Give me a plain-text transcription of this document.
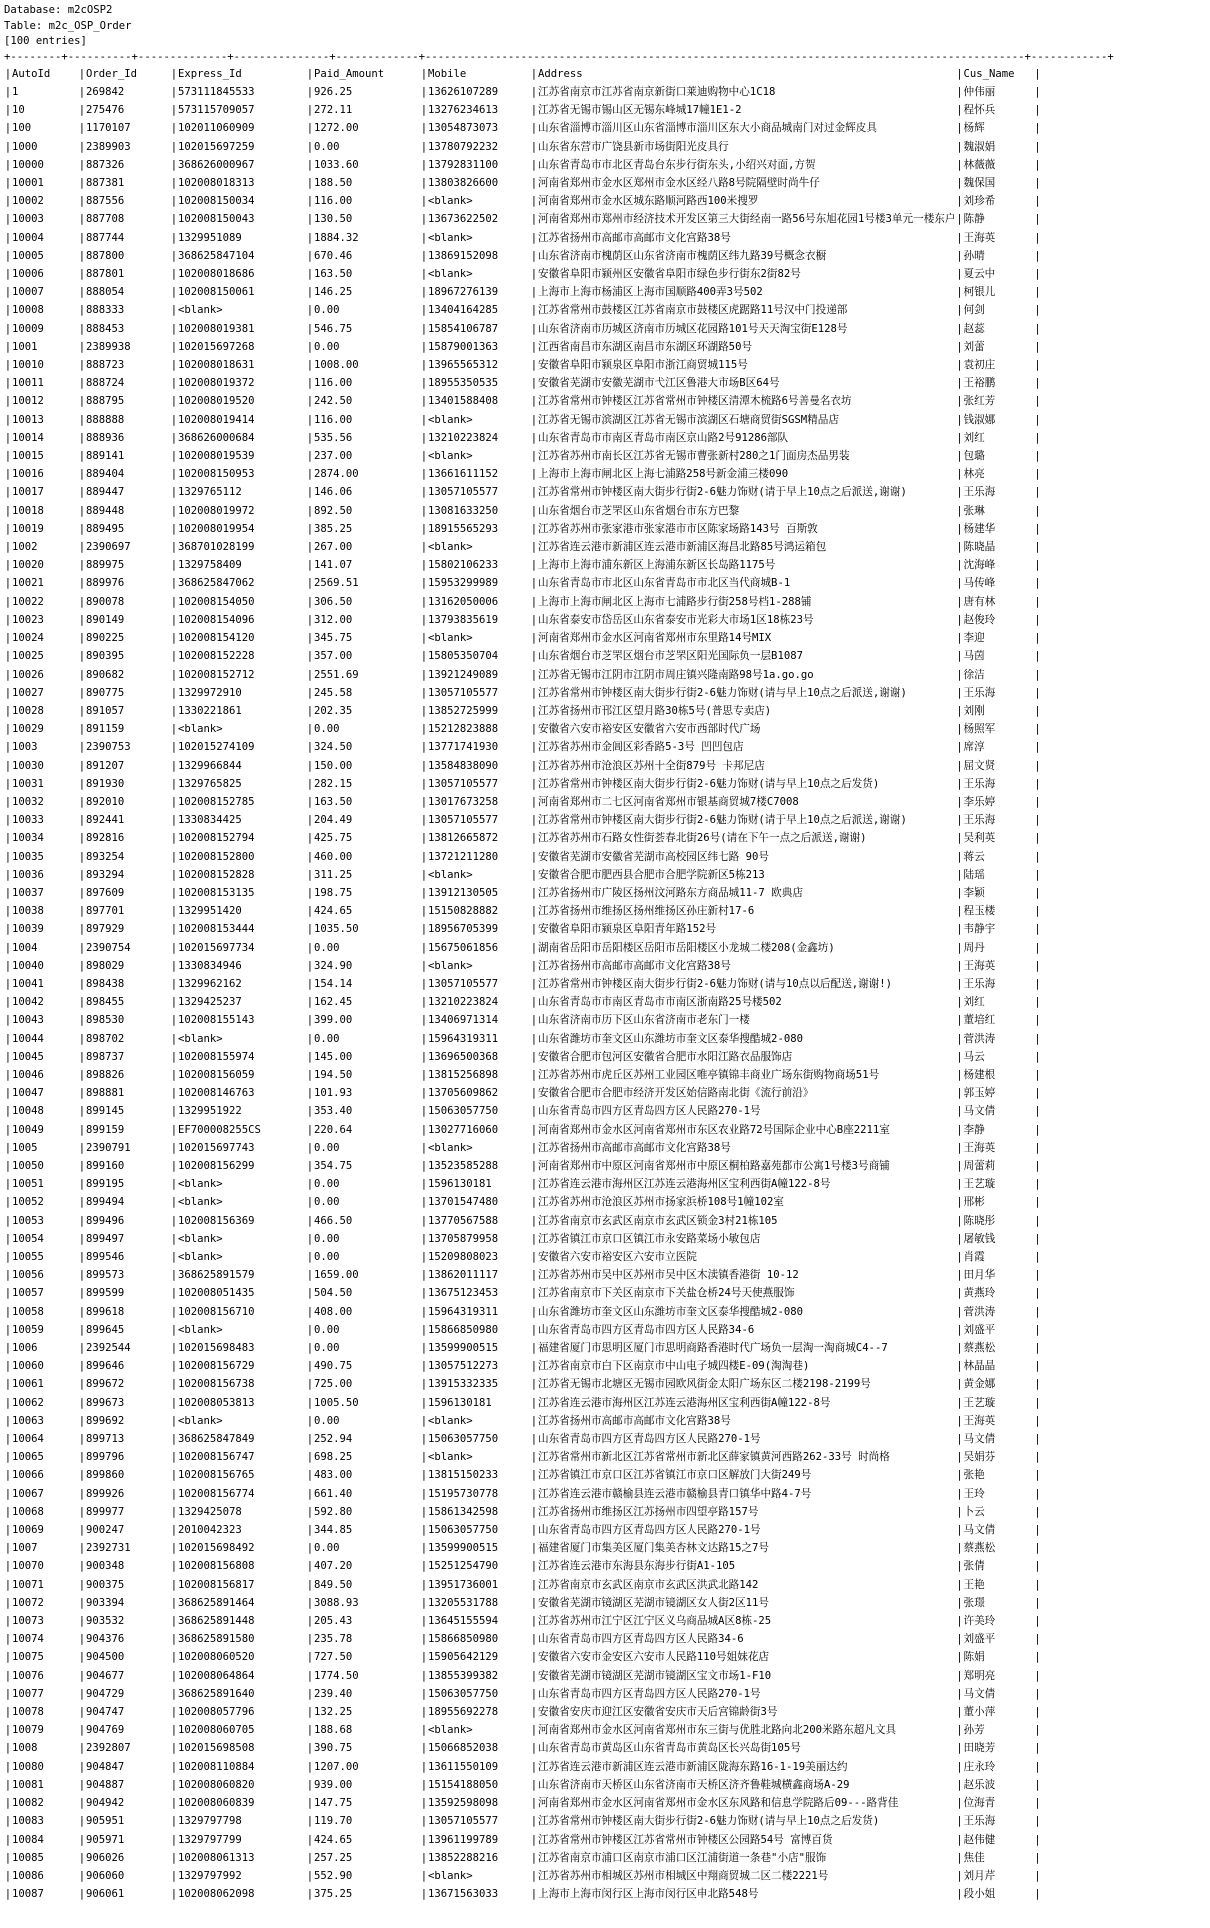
Database: m2cOSP2
Table: m2c_OSP_Order
[100 entries]
+--------+----------+--------------+---------------+-------------+----------------------------------------------------------------------------------------------+------------+
|	AutoId	|	Order_Id	|	Express_Id	|	Paid_Amount	|	Mobile	|	Address	|	Cus_Name	|
|	1	|	269842	|	573111845533	|	926.25	|	13626107289	|	江苏省南京市江苏省南京新街口莱迪购物中心1C18	|	仲伟丽	|
|	10	|	275476	|	573115709057	|	272.11	|	13276234613	|	江苏省无锡市锡山区无锡东峰城17幢1E1-2	|	程怀兵	|
|	100	|	1170107	|	102011060909	|	1272.00	|	13054873073	|	山东省淄博市淄川区山东省淄博市淄川区东大小商品城南门对过金辉皮具	|	杨辉	|
|	1000	|	2389903	|	102015697259	|	0.00	|	13780792232	|	山东省东营市广饶县新市场街阳光皮具行	|	魏淑娟	|
|	10000	|	887326	|	368626000967	|	1033.60	|	13792831100	|	山东省青岛市市北区青岛台东步行街东头,小绍兴对面,方贺	|	林薇薇	|
|	10001	|	887381	|	102008018313	|	188.50	|	13803826600	|	河南省郑州市金水区郑州市金水区经八路8号院隔壁时尚牛仔	|	魏保国	|
|	10002	|	887556	|	102008150034	|	116.00	|	<blank>	|	河南省郑州市金水区城东路顺河路西100米搜罗	|	刘珍希	|
|	10003	|	887708	|	102008150043	|	130.50	|	13673622502	|	河南省郑州市郑州市经济技术开发区第三大街经南一路56号东旭花园1号楼3单元一楼东户	|	陈静	|
|	10004	|	887744	|	1329951089	|	1884.32	|	<blank>	|	江苏省扬州市高邮市高邮市文化宫路38号	|	王海英	|
|	10005	|	887800	|	368625847104	|	670.46	|	13869152098	|	山东省济南市槐荫区山东省济南市槐荫区纬九路39号概念衣橱	|	孙晴	|
|	10006	|	887801	|	102008018686	|	163.50	|	<blank>	|	安徽省阜阳市颍州区安徽省阜阳市绿色步行街东2街82号	|	夏云中	|
|	10007	|	888054	|	102008150061	|	146.25	|	18967276139	|	上海市上海市杨浦区上海市国顺路400弄3号502	|	柯银儿	|
|	10008	|	888333	|	<blank>	|	0.00	|	13404164285	|	江苏省常州市鼓楼区江苏省南京市鼓楼区虎踞路11号汉中门投递部	|	何剑	|
|	10009	|	888453	|	102008019381	|	546.75	|	15854106787	|	山东省济南市历城区济南市历城区花园路101号天天淘宝街E128号	|	赵蕊	|
|	1001	|	2389938	|	102015697268	|	0.00	|	15879001363	|	江西省南昌市东湖区南昌市东湖区环湖路50号	|	刘蕾	|
|	10010	|	888723	|	102008018631	|	1008.00	|	13965565312	|	安徽省阜阳市颍泉区阜阳市浙江商贸城115号	|	袁初庄	|
|	10011	|	888724	|	102008019372	|	116.00	|	18955350535	|	安徽省芜湖市安徽芜湖市弋江区鲁港大市场B区64号	|	王裕鹏	|
|	10012	|	888795	|	102008019520	|	242.50	|	13401588408	|	江苏省常州市钟楼区江苏省常州市钟楼区清潭木梳路6号善曼名衣坊	|	张红芳	|
|	10013	|	888888	|	102008019414	|	116.00	|	<blank>	|	江苏省无锡市滨湖区江苏省无锡市滨湖区石塘商贸街SGSM精品店	|	钱淑娜	|
|	10014	|	888936	|	368626000684	|	535.56	|	13210223824	|	山东省青岛市市南区青岛市南区京山路2号91286部队	|	刘红	|
|	10015	|	889141	|	102008019539	|	237.00	|	<blank>	|	江苏省苏州市南长区江苏省无锡市曹张新村280之1门面房杰品男装	|	包璐	|
|	10016	|	889404	|	102008150953	|	2874.00	|	13661611152	|	上海市上海市闸北区上海七浦路258号新金浦三楼090	|	林亮	|
|	10017	|	889447	|	1329765112	|	146.06	|	13057105577	|	江苏省常州市钟楼区南大街步行街2-6魅力饰财(请于早上10点之后派送,谢谢)	|	王乐海	|
|	10018	|	889448	|	102008019972	|	892.50	|	13081633250	|	山东省烟台市芝罘区山东省烟台市东方巴黎	|	张琳	|
|	10019	|	889495	|	102008019954	|	385.25	|	18915565293	|	江苏省苏州市张家港市张家港市市区陈家场路143号 百斯敦	|	杨建华	|
|	1002	|	2390697	|	368701028199	|	267.00	|	<blank>	|	江苏省连云港市新浦区连云港市新浦区海昌北路85号鸿运箱包	|	陈晓晶	|
|	10020	|	889975	|	1329758409	|	141.07	|	15802106233	|	上海市上海市浦东新区上海浦东新区长岛路1175号	|	沈海峰	|
|	10021	|	889976	|	368625847062	|	2569.51	|	15953299989	|	山东省青岛市市北区山东省青岛市市北区当代商城B-1	|	马传峰	|
|	10022	|	890078	|	102008154050	|	306.50	|	13162050006	|	上海市上海市闸北区上海市七浦路步行街258号档1-288铺	|	唐有林	|
|	10023	|	890149	|	102008154096	|	312.00	|	13793835619	|	山东省泰安市岱岳区山东省泰安市光彩大市场1区18栋23号	|	赵俊玲	|
|	10024	|	890225	|	102008154120	|	345.75	|	<blank>	|	河南省郑州市金水区河南省郑州市东里路14号MIX	|	李迎	|
|	10025	|	890395	|	102008152228	|	357.00	|	15805350704	|	山东省烟台市芝罘区烟台市芝罘区阳光国际负一层B1087	|	马茵	|
|	10026	|	890682	|	102008152712	|	2551.69	|	13921249089	|	江苏省无锡市江阴市江阴市周庄镇兴隆南路98号1a.go.go	|	徐洁	|
|	10027	|	890775	|	1329972910	|	245.58	|	13057105577	|	江苏省常州市钟楼区南大街步行街2-6魅力饰财(请与早上10点之后派送,谢谢)	|	王乐海	|
|	10028	|	891057	|	1330221861	|	202.35	|	13852725999	|	江苏省扬州市邗江区望月路30栋5号(普思专卖店)	|	刘刚	|
|	10029	|	891159	|	<blank>	|	0.00	|	15212823888	|	安徽省六安市裕安区安徽省六安市西部时代广场	|	杨照军	|
|	1003	|	2390753	|	102015274109	|	324.50	|	13771741930	|	江苏省苏州市金阊区彩香路5-3号 凹凹包店	|	席淳	|
|	10030	|	891207	|	1329966844	|	150.00	|	13584838090	|	江苏省苏州市沧浪区苏州十全街879号 卡邦尼店	|	屈文贤	|
|	10031	|	891930	|	1329765825	|	282.15	|	13057105577	|	江苏省常州市钟楼区南大街步行街2-6魅力饰财(请与早上10点之后发货)	|	王乐海	|
|	10032	|	892010	|	102008152785	|	163.50	|	13017673258	|	河南省郑州市二七区河南省郑州市银基商贸城7楼C7008	|	李乐婷	|
|	10033	|	892441	|	1330834425	|	204.49	|	13057105577	|	江苏省常州市钟楼区南大街步行街2-6魅力饰财(请于早上10点之后派送,谢谢)	|	王乐海	|
|	10034	|	892816	|	102008152794	|	425.75	|	13812665872	|	江苏省苏州市石路女性街荟春北街26号(请在下午一点之后派送,谢谢)	|	吴利英	|
|	10035	|	893254	|	102008152800	|	460.00	|	13721211280	|	安徽省芜湖市安徽省芜湖市高校园区纬七路 90号	|	蒋云	|
|	10036	|	893294	|	102008152828	|	311.25	|	<blank>	|	安徽省合肥市肥西县合肥市合肥学院新区5栋213	|	陆瑶	|
|	10037	|	897609	|	102008153135	|	198.75	|	13912130505	|	江苏省扬州市广陵区扬州汶河路东方商品城11-7 欧典店	|	李颖	|
|	10038	|	897701	|	1329951420	|	424.65	|	15150828882	|	江苏省扬州市维扬区扬州维扬区孙庄新村17-6	|	程玉楼	|
|	10039	|	897929	|	102008153444	|	1035.50	|	18956705399	|	安徽省阜阳市颍泉区阜阳青年路152号	|	韦静宇	|
|	1004	|	2390754	|	102015697734	|	0.00	|	15675061856	|	湖南省岳阳市岳阳楼区岳阳市岳阳楼区小龙城二楼208(金鑫坊)	|	周丹	|
|	10040	|	898029	|	1330834946	|	324.90	|	<blank>	|	江苏省扬州市高邮市高邮市文化宫路38号	|	王海英	|
|	10041	|	898438	|	1329962162	|	154.14	|	13057105577	|	江苏省常州市钟楼区南大街步行街2-6魅力饰财(请与10点以后配送,谢谢!)	|	王乐海	|
|	10042	|	898455	|	1329425237	|	162.45	|	13210223824	|	山东省青岛市市南区青岛市市南区浙南路25号楼502	|	刘红	|
|	10043	|	898530	|	102008155143	|	399.00	|	13406971314	|	山东省济南市历下区山东省济南市老东门一楼	|	董培红	|
|	10044	|	898702	|	<blank>	|	0.00	|	15964319311	|	山东省潍坊市奎文区山东潍坊市奎文区泰华搜酷城2-080	|	菅洪涛	|
|	10045	|	898737	|	102008155974	|	145.00	|	13696500368	|	安徽省合肥市包河区安徽省合肥市水阳江路衣品服饰店	|	马云	|
|	10046	|	898826	|	102008156059	|	194.50	|	13815256898	|	江苏省苏州市虎丘区苏州工业园区唯亭镇锦丰商业广场东街购物商场51号	|	杨建根	|
|	10047	|	898881	|	102008146763	|	101.93	|	13705609862	|	安徽省合肥市合肥市经济开发区始信路南北街《流行前沿》	|	郭玉婷	|
|	10048	|	899145	|	1329951922	|	353.40	|	15063057750	|	山东省青岛市四方区青岛四方区人民路270-1号	|	马文倩	|
|	10049	|	899159	|	EF700008255CS	|	220.64	|	13027716060	|	河南省郑州市金水区河南省郑州市东区农业路72号国际企业中心B座2211室	|	李静	|
|	1005	|	2390791	|	102015697743	|	0.00	|	<blank>	|	江苏省扬州市高邮市高邮市文化宫路38号	|	王海英	|
|	10050	|	899160	|	102008156299	|	354.75	|	13523585288	|	河南省郑州市中原区河南省郑州市中原区桐柏路嘉苑都市公寓1号楼3号商铺	|	周蕾莉	|
|	10051	|	899195	|	<blank>	|	0.00	|	1596130181	|	江苏省连云港市海州区江苏连云港海州区宝利西街A幢122-8号	|	王艺璇	|
|	10052	|	899494	|	<blank>	|	0.00	|	13701547480	|	江苏省苏州市沧浪区苏州市扬家浜桥108号1幢102室	|	邢彬	|
|	10053	|	899496	|	102008156369	|	466.50	|	13770567588	|	江苏省南京市玄武区南京市玄武区锁金3村21栋105	|	陈晓彤	|
|	10054	|	899497	|	<blank>	|	0.00	|	13705879958	|	江苏省镇江市京口区镇江市永安路菜场小敏包店	|	屠敏钱	|
|	10055	|	899546	|	<blank>	|	0.00	|	15209808023	|	安徽省六安市裕安区六安市立医院	|	肖霞	|
|	10056	|	899573	|	368625891579	|	1659.00	|	13862011117	|	江苏省苏州市吴中区苏州市吴中区木渎镇香港街 10-12	|	田月华	|
|	10057	|	899599	|	102008051435	|	504.50	|	13675123453	|	江苏省南京市下关区南京市下关盐仓桥24号天使燕服饰	|	黄燕玲	|
|	10058	|	899618	|	102008156710	|	408.00	|	15964319311	|	山东省潍坊市奎文区山东潍坊市奎文区泰华搜酷城2-080	|	菅洪涛	|
|	10059	|	899645	|	<blank>	|	0.00	|	15866850980	|	山东省青岛市四方区青岛市四方区人民路34-6	|	刘盛平	|
|	1006	|	2392544	|	102015698483	|	0.00	|	13599900515	|	福建省厦门市思明区厦门市思明商路香港时代广场负一层淘一淘商城C4--7	|	蔡燕松	|
|	10060	|	899646	|	102008156729	|	490.75	|	13057512273	|	江苏省南京市白下区南京市中山电子城四楼E-09(淘淘巷)	|	林晶晶	|
|	10061	|	899672	|	102008156738	|	725.00	|	13915332335	|	江苏省无锡市北塘区无锡市园欧风街金太阳广场东区二楼2198-2199号	|	黄金娜	|
|	10062	|	899673	|	102008053813	|	1005.50	|	1596130181	|	江苏省连云港市海州区江苏连云港海州区宝利西街A幢122-8号	|	王艺璇	|
|	10063	|	899692	|	<blank>	|	0.00	|	<blank>	|	江苏省扬州市高邮市高邮市文化宫路38号	|	王海英	|
|	10064	|	899713	|	368625847849	|	252.94	|	15063057750	|	山东省青岛市四方区青岛四方区人民路270-1号	|	马文倩	|
|	10065	|	899796	|	102008156747	|	698.25	|	<blank>	|	江苏省常州市新北区江苏省常州市新北区薛家镇黄河西路262-33号 时尚格	|	吴娟芬	|
|	10066	|	899860	|	102008156765	|	483.00	|	13815150233	|	江苏省镇江市京口区江苏省镇江市京口区解放门大街249号	|	张艳	|
|	10067	|	899926	|	102008156774	|	661.40	|	15195730778	|	江苏省连云港市赣榆县连云港市赣榆县青口镇华中路4-7号	|	王玲	|
|	10068	|	899977	|	1329425078	|	592.80	|	15861342598	|	江苏省扬州市维扬区江苏扬州市四望亭路157号	|	卜云	|
|	10069	|	900247	|	2010042323	|	344.85	|	15063057750	|	山东省青岛市四方区青岛四方区人民路270-1号	|	马文倩	|
|	1007	|	2392731	|	102015698492	|	0.00	|	13599900515	|	福建省厦门市集美区厦门集美杏林文达路15之7号	|	蔡燕松	|
|	10070	|	900348	|	102008156808	|	407.20	|	15251254790	|	江苏省连云港市东海县东海步行街A1-105	|	张倩	|
|	10071	|	900375	|	102008156817	|	849.50	|	13951736001	|	江苏省南京市玄武区南京市玄武区洪武北路142	|	王艳	|
|	10072	|	903394	|	368625891464	|	3088.93	|	13205531788	|	安徽省芜湖市镜湖区芜湖市镜湖区女人街2区11号	|	张璟	|
|	10073	|	903532	|	368625891448	|	205.43	|	13645155594	|	江苏省苏州市江宁区江宁区义乌商品城A区8栋-25	|	许美玲	|
|	10074	|	904376	|	368625891580	|	235.78	|	15866850980	|	山东省青岛市四方区青岛四方区人民路34-6	|	刘盛平	|
|	10075	|	904500	|	102008060520	|	727.50	|	15905642129	|	安徽省六安市金安区六安市人民路110号姐妹花店	|	陈娟	|
|	10076	|	904677	|	102008064864	|	1774.50	|	13855399382	|	安徽省芜湖市镜湖区芜湖市镜湖区宝文市场1-F10	|	郑明亮	|
|	10077	|	904729	|	368625891640	|	239.40	|	15063057750	|	山东省青岛市四方区青岛四方区人民路270-1号	|	马文倩	|
|	10078	|	904747	|	102008057796	|	132.25	|	18955692278	|	安徽省安庆市迎江区安徽省安庆市天后宫锦龄街3号	|	董小萍	|
|	10079	|	904769	|	102008060705	|	188.68	|	<blank>	|	河南省郑州市金水区河南省郑州市东三街与优胜北路向北200米路东超凡文具	|	孙芳	|
|	1008	|	2392807	|	102015698508	|	390.75	|	15066852038	|	山东省青岛市黄岛区山东省青岛市黄岛区长兴岛街105号	|	田晓芳	|
|	10080	|	904847	|	102008110884	|	1207.00	|	13611550109	|	江苏省连云港市新浦区连云港市新浦区陇海东路16-1-19美丽达约	|	庄永玲	|
|	10081	|	904887	|	102008060820	|	939.00	|	15154188050	|	山东省济南市天桥区山东省济南市天桥区济齐鲁鞋城横鑫商场A-29	|	赵乐波	|
|	10082	|	904942	|	102008060839	|	147.75	|	13592598098	|	河南省郑州市金水区河南省郑州市金水区东风路和信息学院路后09---路背佳	|	位海青	|
|	10083	|	905951	|	1329797798	|	119.70	|	13057105577	|	江苏省常州市钟楼区南大街步行街2-6魅力饰财(请与早上10点之后发货)	|	王乐海	|
|	10084	|	905971	|	1329797799	|	424.65	|	13961199789	|	江苏省常州市钟楼区江苏省常州市钟楼区公园路54号 富博百货	|	赵伟健	|
|	10085	|	906026	|	102008061313	|	257.25	|	13852288216	|	江苏省南京市浦口区南京市浦口区江浦街道一条巷"小店"服饰	|	焦佳	|
|	10086	|	906060	|	1329797992	|	552.90	|	<blank>	|	江苏省苏州市相城区苏州市相城区中翔商贸城二区二楼2221号	|	刘月芹	|
|	10087	|	906061	|	102008062098	|	375.25	|	13671563033	|	上海市上海市闵行区上海市闵行区申北路548号	|	段小姐	|
